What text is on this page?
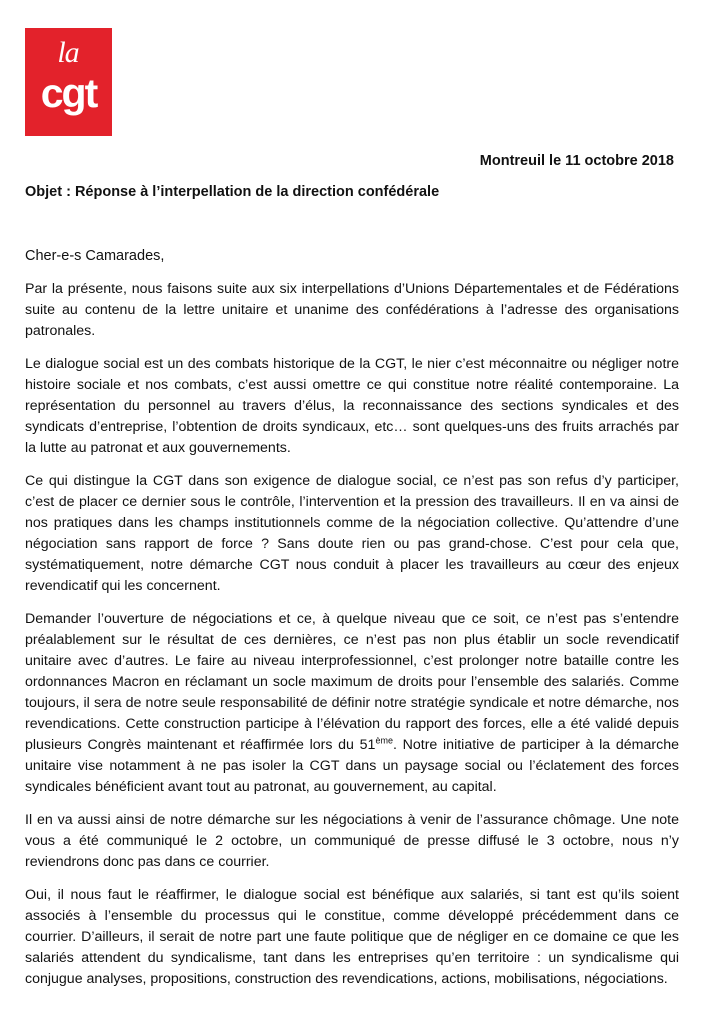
la
cgt
Montreuil le 11 octobre 2018
Objet : Réponse à l’interpellation de la direction confédérale
Cher-e-s Camarades,

Par la présente, nous faisons suite aux six interpellations d’Unions Départementales et de Fédérations suite au contenu de la lettre unitaire et unanime des confédérations à l’adresse des organisations patronales.

Le dialogue social est un des combats historique de la CGT, le nier c’est méconnaitre ou négliger notre histoire sociale et nos combats, c’est aussi omettre ce qui constitue notre réalité contemporaine. La représentation du personnel au travers d’élus, la reconnaissance des sections syndicales et des syndicats d’entreprise, l’obtention de droits syndicaux, etc… sont quelques-uns des fruits arrachés par la lutte au patronat et aux gouvernements.

Ce qui distingue la CGT dans son exigence de dialogue social, ce n’est pas son refus d’y participer, c’est de placer ce dernier sous le contrôle, l’intervention et la pression des travailleurs. Il en va ainsi de nos pratiques dans les champs institutionnels comme de la négociation collective. Qu’attendre d’une négociation sans rapport de force ? Sans doute rien ou pas grand-chose. C’est pour cela que, systématiquement, notre démarche CGT nous conduit à placer les travailleurs au cœur des enjeux revendicatif qui les concernent.

Demander l’ouverture de négociations et ce, à quelque niveau que ce soit, ce n’est pas s’entendre préalablement sur le résultat de ces dernières, ce n’est pas non plus établir un socle revendicatif unitaire avec d’autres. Le faire au niveau interprofessionnel, c’est prolonger notre bataille contre les ordonnances Macron en réclamant un socle maximum de droits pour l’ensemble des salariés. Comme toujours, il sera de notre seule responsabilité de définir notre stratégie syndicale et notre démarche, nos revendications. Cette construction participe à l’élévation du rapport des forces, elle a été validé depuis plusieurs Congrès maintenant et réaffirmée lors du 51ème. Notre initiative de participer à la démarche unitaire vise notamment à ne pas isoler la CGT dans un paysage social ou l’éclatement des forces syndicales bénéficient avant tout au patronat, au gouvernement, au capital.

Il en va aussi ainsi de notre démarche sur les négociations à venir de l’assurance chômage. Une note vous a été communiqué le 2 octobre, un communiqué de presse diffusé le 3 octobre, nous n’y reviendrons donc pas dans ce courrier.

Oui, il nous faut le réaffirmer, le dialogue social est bénéfique aux salariés, si tant est qu’ils soient associés à l’ensemble du processus qui le constitue, comme développé précédemment dans ce courrier. D’ailleurs, il serait de notre part une faute politique que de négliger en ce domaine ce que les salariés attendent du syndicalisme, tant dans les entreprises qu’en territoire : un syndicalisme qui conjugue analyses, propositions, construction des revendications, actions, mobilisations, négociations.
